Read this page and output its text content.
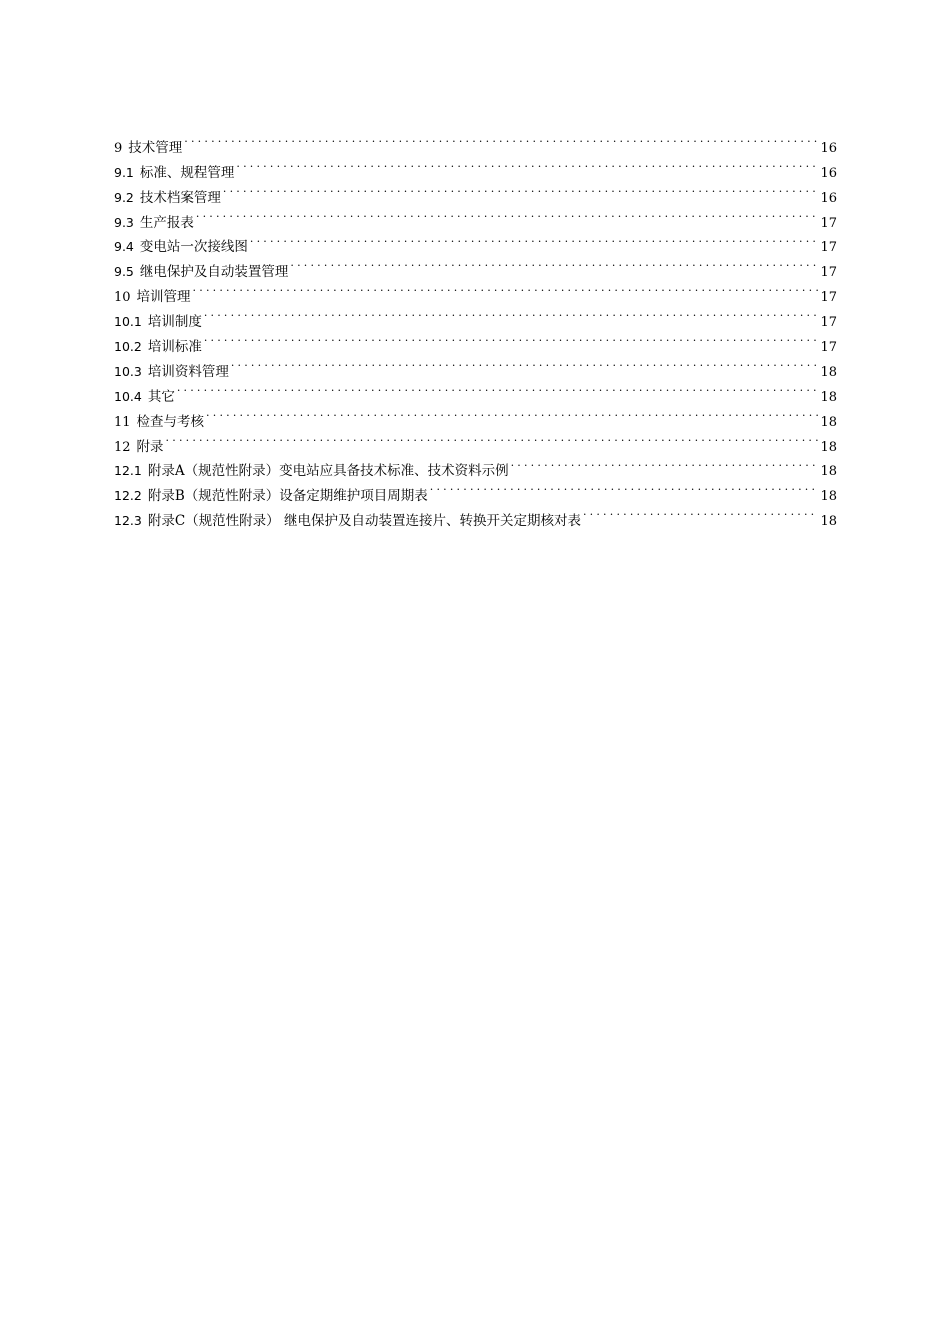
9 技术管理 .....	16
9.1 标准、规程管理 .....	16
9.2 技术档案管理 .....	16
9.3 生产报表 .....	17
9.4 变电站一次接线图 .....	17
9.5 继电保护及自动装置管理 .....	17
10 培训管理 .....	17
10.1 培训制度 .....	17
10.2 培训标准 .....	17
10.3 培训资料管理 .....	18
10.4 其它 .....	18
11 检查与考核 .....	18
12 附录 .....	18
12.1 附录A（规范性附录）变电站应具备技术标准、技术资料示例 .....	18
12.2 附录B（规范性附录）设备定期维护项目周期表 .....	18
12.3 附录C（规范性附录） 继电保护及自动装置连接片、转换开关定期核对表 .....	18
